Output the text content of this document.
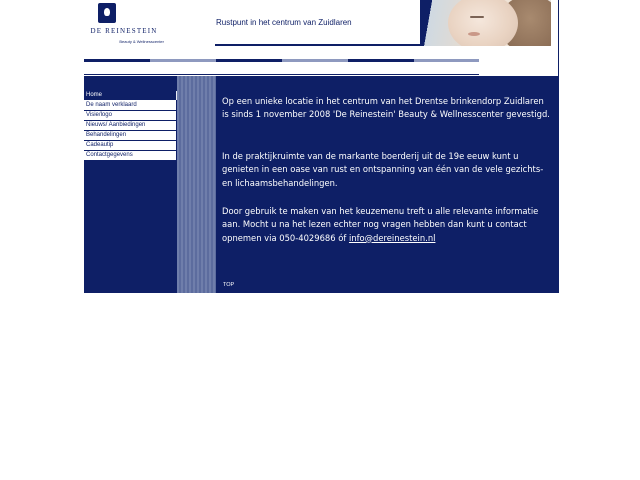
DE REINESTEIN
Beauty & Wellnesscenter
Rustpunt in het centrum van Zuidlaren
Home
De naam verklaard
Visie/logo
Nieuws/ Aanbiedingen
Behandelingen
Cadeautip
Contactgegevens

Op een unieke locatie in het centrum van het Drentse brinkendorp Zuidlaren is sinds 1 november 2008 'De Reinestein' Beauty & Wellnesscenter gevestigd.

In de praktijkruimte van de markante boerderij uit de 19e eeuw kunt u genieten in een oase van rust en ontspanning van één van de vele gezichts- en lichaamsbehandelingen.

Door gebruik te maken van het keuzemenu treft u alle relevante informatie aan. Mocht u na het lezen echter nog vragen hebben dan kunt u contact opnemen via 050-4029686 óf info@dereinestein.nl

TOP
